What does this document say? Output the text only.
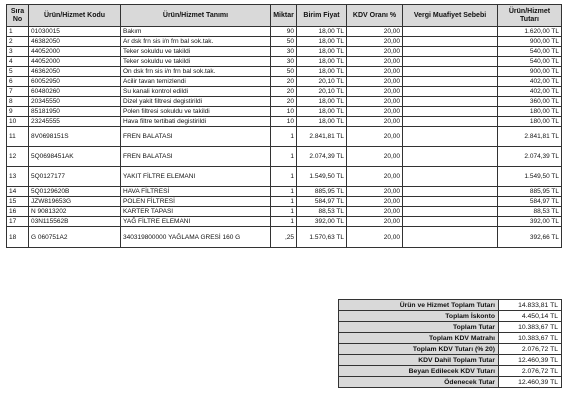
Sıra No	Ürün/Hizmet Kodu	Ürün/Hizmet Tanımı	Miktar	Birim Fiyat	KDV Oranı %	Vergi Muafiyet Sebebi	Ürün/Hizmet Tutarı
1	01030015	Bakım	90	18,00 TL	20,00		1.620,00 TL
2	46382050	Ar dsk frn sis i/n frn bal sok.tak.	50	18,00 TL	20,00		900,00 TL
3	44052000	Teker sokuldu ve takildi	30	18,00 TL	20,00		540,00 TL
4	44052000	Teker sokuldu ve takildi	30	18,00 TL	20,00		540,00 TL
5	46362050	On dsk frn sis i/n frn bal sok.tak.	50	18,00 TL	20,00		900,00 TL
6	60052950	Acilir tavan temizlendi	20	20,10 TL	20,00		402,00 TL
7	60480260	Su kanali kontrol edildi	20	20,10 TL	20,00		402,00 TL
8	20345550	Dizel yakit filtresi degistirildi	20	18,00 TL	20,00		360,00 TL
9	85181950	Polen filtresi sokuldu ve takildi	10	18,00 TL	20,00		180,00 TL
10	23245555	Hava filtre tertibati degistirildi	10	18,00 TL	20,00		180,00 TL
11	8V0698151S	FREN BALATASI	1	2.841,81 TL	20,00		2.841,81 TL
12	5Q0698451AK	FREN BALATASI	1	2.074,39 TL	20,00		2.074,39 TL
13	5Q0127177	YAKIT FİLTRE ELEMANI	1	1.549,50 TL	20,00		1.549,50 TL
14	5Q0129620B	HAVA FİLTRESİ	1	885,95 TL	20,00		885,95 TL
15	JZW819653G	POLEN FİLTRESİ	1	584,97 TL	20,00		584,97 TL
16	N 90813202	KARTER TAPASI	1	88,53 TL	20,00		88,53 TL
17	03N115562B	YAĞ FİLTRE ELEMANI	1	392,00 TL	20,00		392,00 TL
18	G 060751A2	340319800000 YAĞLAMA GRESİ 160 G	,25	1.570,63 TL	20,00		392,66 TL
Ürün ve Hizmet Toplam Tutarı	14.833,81 TL
Toplam İskonto	4.450,14 TL
Toplam Tutar	10.383,67 TL
Toplam KDV Matrahı	10.383,67 TL
Toplam KDV Tutarı (% 20)	2.076,72 TL
KDV Dahil Toplam Tutar	12.460,39 TL
Beyan Edilecek KDV Tutarı	2.076,72 TL
Ödenecek Tutar	12.460,39 TL
